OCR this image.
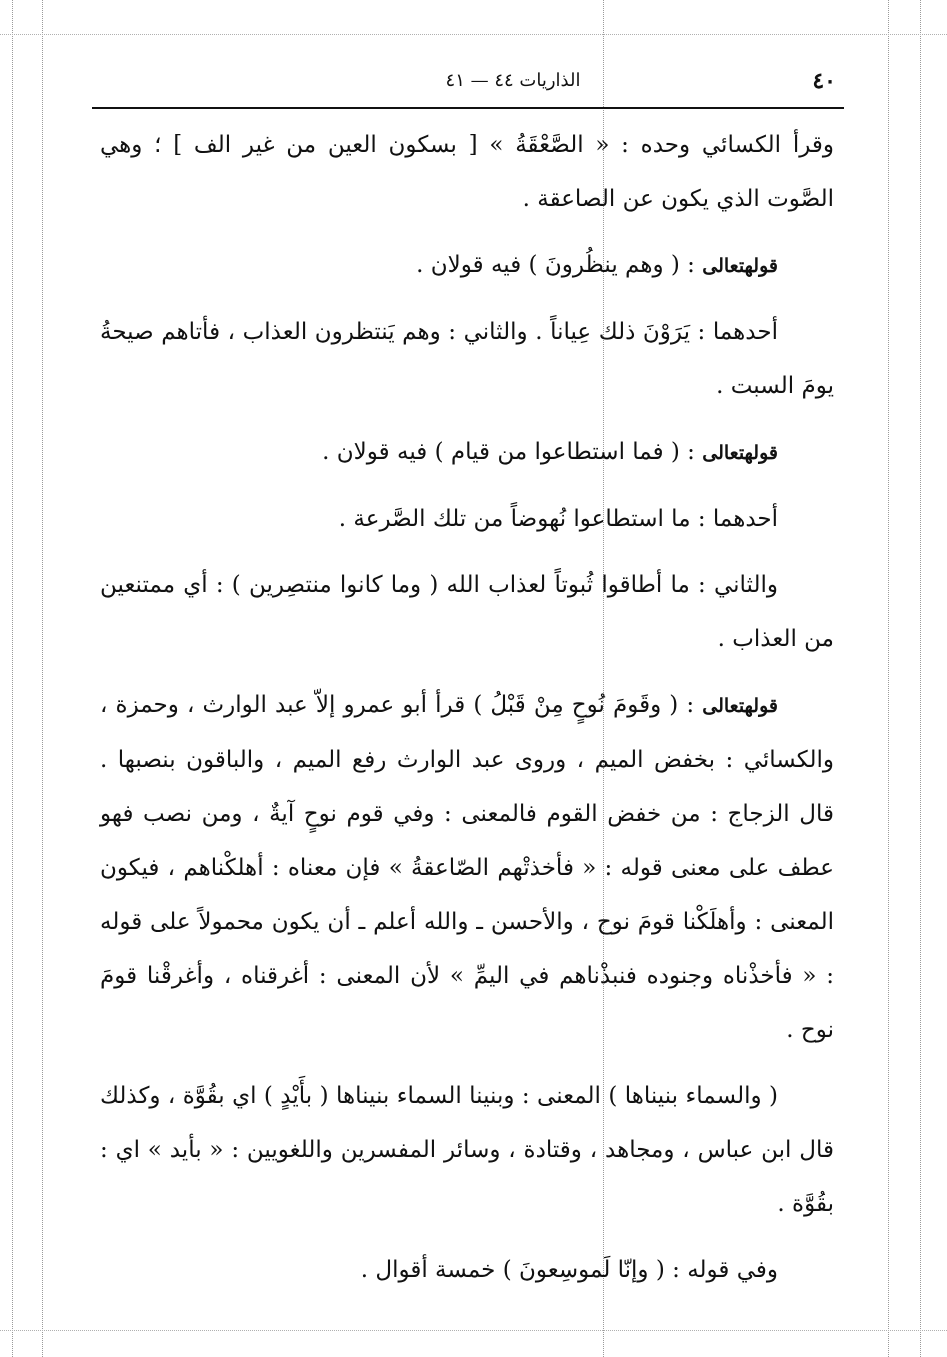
٤٠
الذاريات ٤٤ — ٤١

وقرأ الكسائي وحده : « الصَّعْقَةُ » [ بسكون العين من غير الف ] ؛ وهي الصَّوت الذي يكون عن الصاعقة .

قولهتعالى : ( وهم ينظُرونَ ) فيه قولان .

أحدهما : يَرَوْنَ ذلك عِياناً . والثاني : وهم يَنتظرون العذاب ، فأتاهم صيحةُ يومَ السبت .

قولهتعالى : ( فما استطاعوا من قيام ) فيه قولان .

أحدهما : ما استطاعوا نُهوضاً من تلك الصَّرعة .

والثاني : ما أطاقوا ثُبوتاً لعذاب الله ( وما كانوا منتصِرين ) : أي ممتنعين من العذاب .

قولهتعالى : ( وقَومَ نُوحٍ مِنْ قَبْلُ ) قرأ أبو عمرو إلاّ عبد الوارث ، وحمزة ، والكسائي : بخفض الميم ، وروى عبد الوارث رفع الميم ، والباقون بنصبها . قال الزجاج : من خفض القوم فالمعنى : وفي قوم نوحٍ آيةٌ ، ومن نصب فهو عطف على معنى قوله : « فأخذتْهم الصّاعقةُ » فإن معناه : أهلكْناهم ، فيكون المعنى : وأهلَكْنا قومَ نوح ، والأحسن ـ والله أعلم ـ أن يكون محمولاً على قوله : « فأخذْناه وجنوده فنبذْناهم في اليمِّ » لأن المعنى : أغرقناه ، وأغرقْنا قومَ نوح .

( والسماء بنيناها ) المعنى : وبنينا السماء بنيناها ( بأَيْدٍ ) اي بقُوَّة ، وكذلك قال ابن عباس ، ومجاهد ، وقتادة ، وسائر المفسرين واللغويين : « بأيد » اي : بقُوَّة .

وفي قوله : ( وإنّا لَموسِعونَ ) خمسة أقوال .
